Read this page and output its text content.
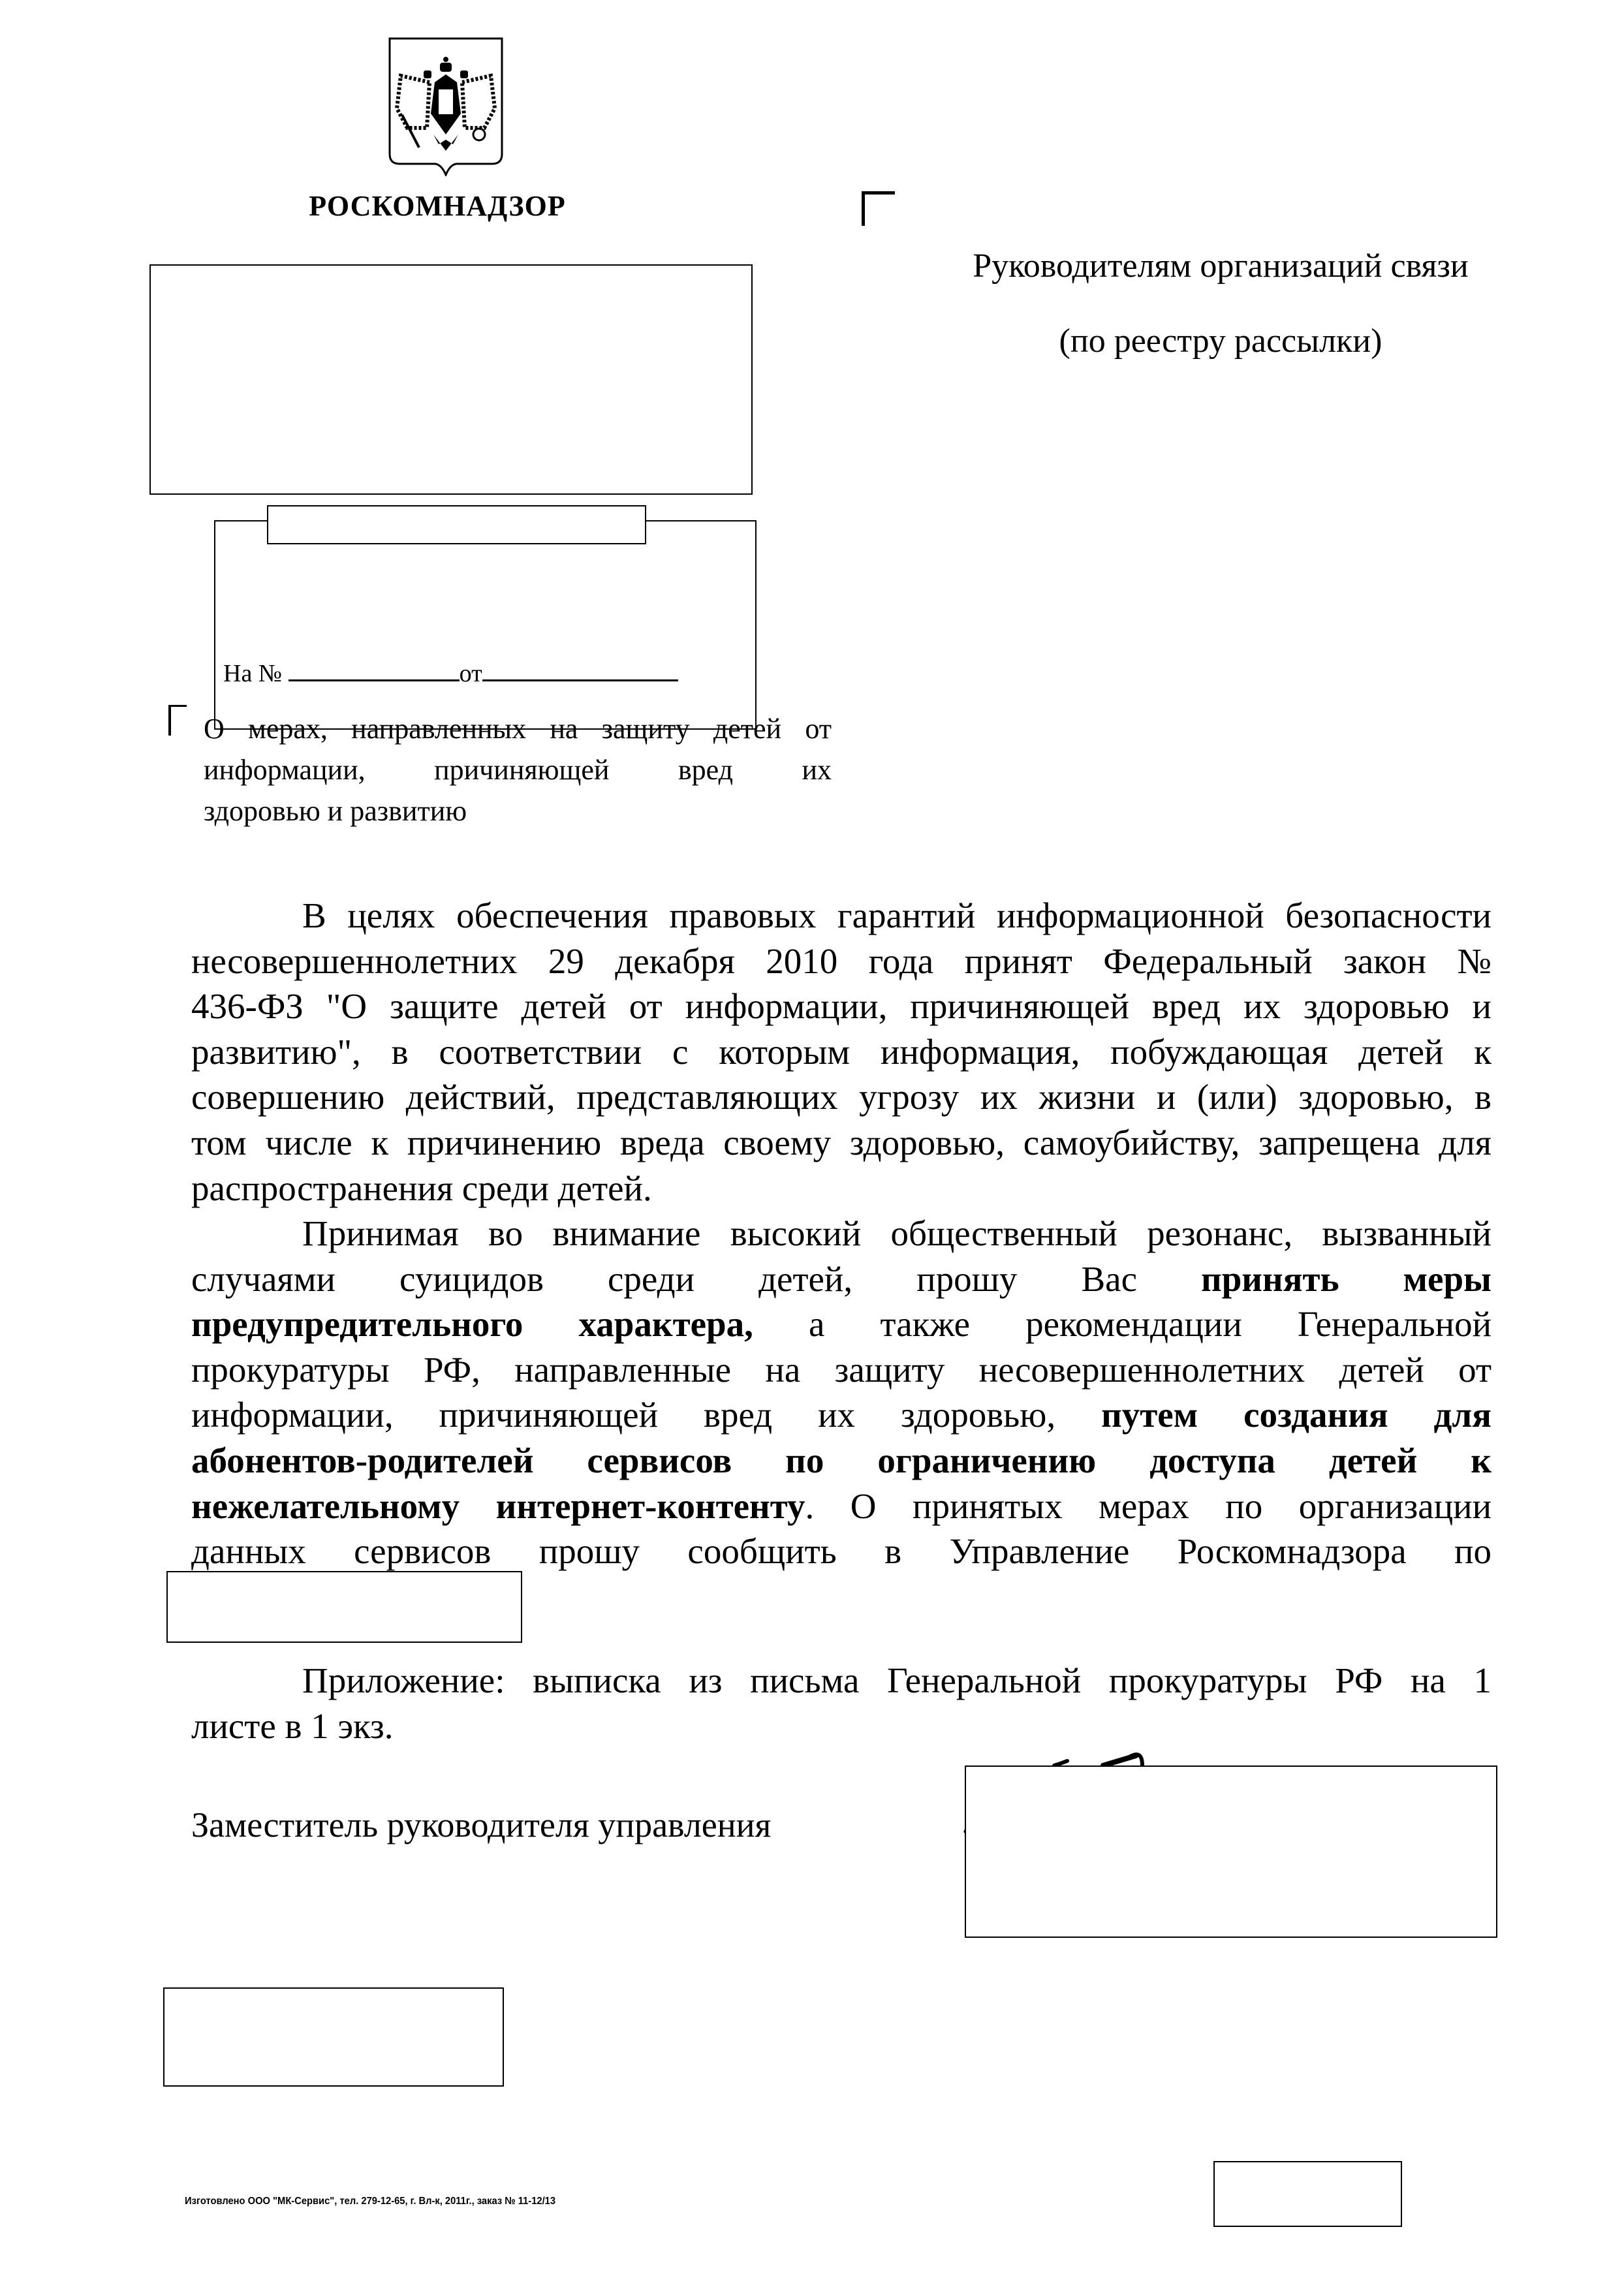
РОСКОМНАДЗОР
Руководителям организаций связи
(по реестру рассылки)
На №	от
О мерах, направленных на защиту детей от
информации, причиняющей вред их
здоровью и развитию
В целях обеспечения правовых гарантий информационной безопасности
несовершеннолетних 29 декабря 2010 года принят Федеральный закон №
436-ФЗ "О защите детей от информации, причиняющей вред их здоровью и
развитию", в соответствии с которым информация, побуждающая детей к
совершению действий, представляющих угрозу их жизни и (или) здоровью, в
том числе к причинению вреда своему здоровью, самоубийству, запрещена для
распространения среди детей.
Принимая во внимание высокий общественный резонанс, вызванный
случаями суицидов среди детей, прошу Вас принять меры
предупредительного характера, а также рекомендации Генеральной
прокуратуры РФ, направленные на защиту несовершеннолетних детей от
информации, причиняющей вред их здоровью, путем создания для
абонентов-родителей сервисов по ограничению доступа детей к
нежелательному интернет-контенту. О принятых мерах по организации
данных сервисов прошу сообщить в Управление Роскомнадзора по
Приложение: выписка из письма Генеральной прокуратуры РФ на 1
листе в 1 экз.
Заместитель руководителя управления
Изготовлено ООО "МК-Сервис", тел. 279-12-65, г. Вл-к, 2011г., заказ № 11-12/13
